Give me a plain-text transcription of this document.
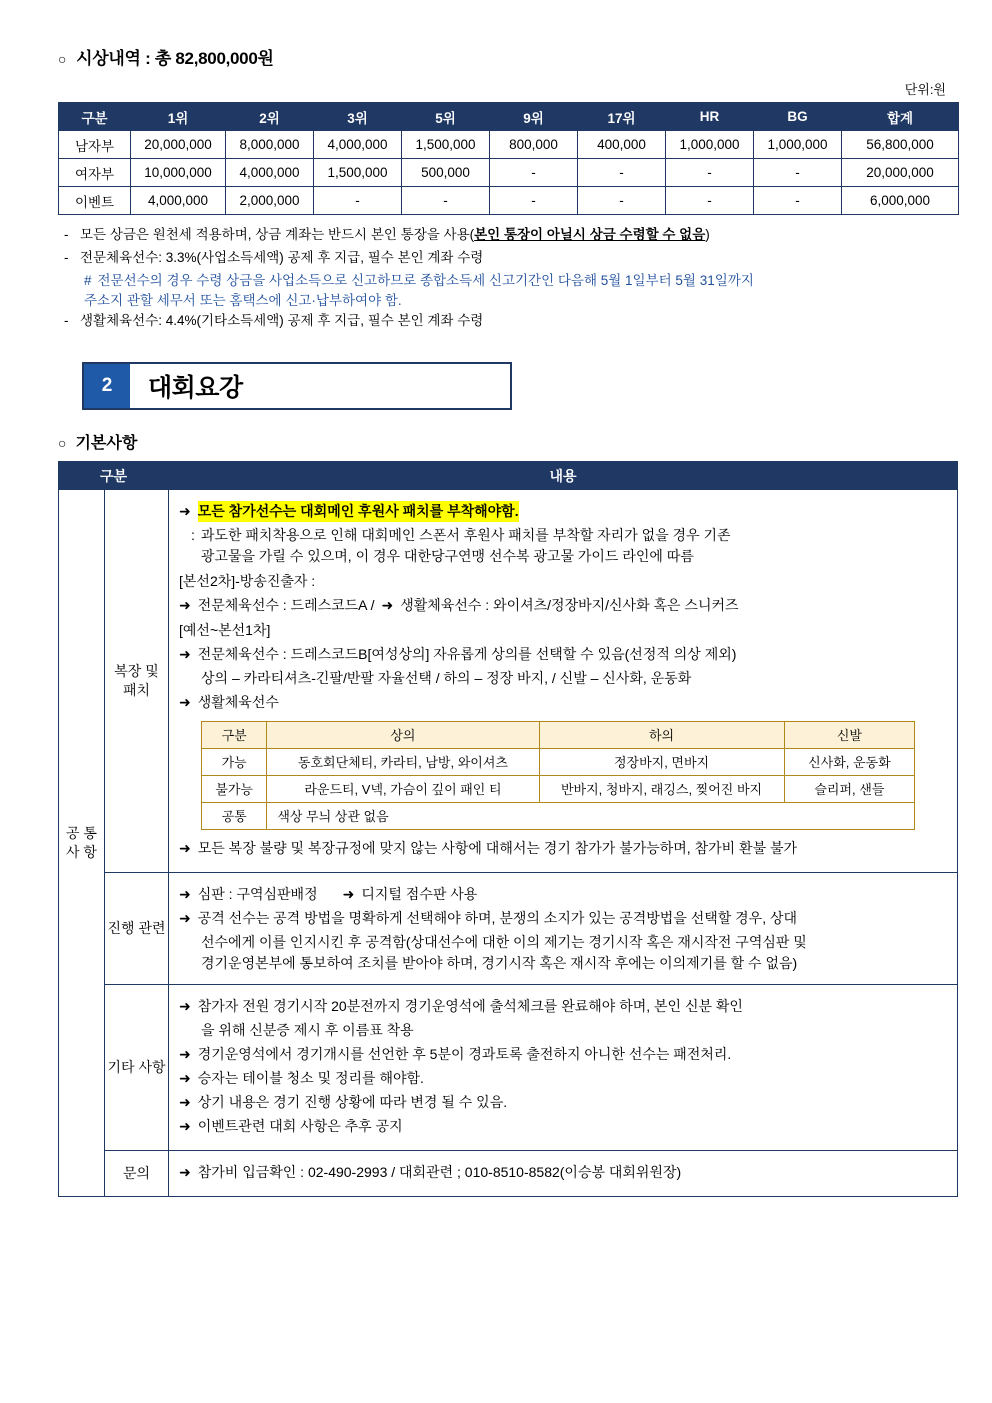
○ 시상내역 : 총 82,800,000원
단위:원
구분	1위	2위	3위	5위	9위	17위	HR	BG	합계
남자부	20,000,000	8,000,000	4,000,000	1,500,000	800,000	400,000	1,000,000	1,000,000	56,800,000
여자부	10,000,000	4,000,000	1,500,000	500,000	-	-	-	-	20,000,000
이벤트	4,000,000	2,000,000	-	-	-	-	-	-	6,000,000
- 모든 상금은 원천세 적용하며, 상금 계좌는 반드시 본인 통장을 사용(본인 통장이 아닐시 상금 수령할 수 없음)
- 전문체육선수: 3.3%(사업소득세액) 공제 후 지급, 필수 본인 계좌 수령
# 전문선수의 경우 수령 상금을 사업소득으로 신고하므로 종합소득세 신고기간인 다음해 5월 1일부터 5월 31일까지
주소지 관할 세무서 또는 홈택스에 신고·납부하여야 함.
- 생활체육선수: 4.4%(기타소득세액) 공제 후 지급, 필수 본인 계좌 수령
2	대회요강
○ 기본사항
구분	내용
공 통 사 항	복장 및 패치	
➜ 모든 참가선수는 대회메인 후원사 패치를 부착해야함.
: 과도한 패치착용으로 인해 대회메인 스폰서 후원사 패치를 부착할 자리가 없을 경우 기존
광고물을 가릴 수 있으며, 이 경우 대한당구연맹 선수복 광고물 가이드 라인에 따름
[본선2차]-방송진출자 :
➜ 전문체육선수 : 드레스코드A / ➜ 생활체육선수 : 와이셔츠/정장바지/신사화 혹은 스니커즈
[예선~본선1차]
➜ 전문체육선수 : 드레스코드B[여성상의] 자유롭게 상의를 선택할 수 있음(선정적 의상 제외)
상의 – 카라티셔츠-긴팔/반팔 자율선택 / 하의 – 정장 바지, / 신발 – 신사화, 운동화
➜ 생활체육선수
구분	상의	하의	신발
가능	동호회단체티, 카라티, 남방, 와이셔츠	정장바지, 면바지	신사화, 운동화
불가능	라운드티, V넥, 가슴이 깊이 패인 티	반바지, 청바지, 래깅스, 찢어진 바지	슬리퍼, 샌들
공통	색상 무늬 상관 없음
➜ 모든 복장 불량 및 복장규정에 맞지 않는 사항에 대해서는 경기 참가가 불가능하며, 참가비 환불 불가

진행 관련	
➜ 심판 : 구역심판배정 ➜ 디지털 점수판 사용
➜ 공격 선수는 공격 방법을 명확하게 선택해야 하며, 분쟁의 소지가 있는 공격방법을 선택할 경우, 상대
선수에게 이를 인지시킨 후 공격함(상대선수에 대한 이의 제기는 경기시작 혹은 재시작전 구역심판 및
경기운영본부에 통보하여 조치를 받아야 하며, 경기시작 혹은 재시작 후에는 이의제기를 할 수 없음)

기타 사항	
➜ 참가자 전원 경기시작 20분전까지 경기운영석에 출석체크를 완료해야 하며, 본인 신분 확인
을 위해 신분증 제시 후 이름표 착용
➜ 경기운영석에서 경기개시를 선언한 후 5분이 경과토록 출전하지 아니한 선수는 패전처리.
➜ 승자는 테이블 청소 및 정리를 해야함.
➜ 상기 내용은 경기 진행 상황에 따라 변경 될 수 있음.
➜ 이벤트관련 대회 사항은 추후 공지

문의	➜ 참가비 입금확인 : 02-490-2993 / 대회관련 ; 010-8510-8582(이승봉 대회위원장)
